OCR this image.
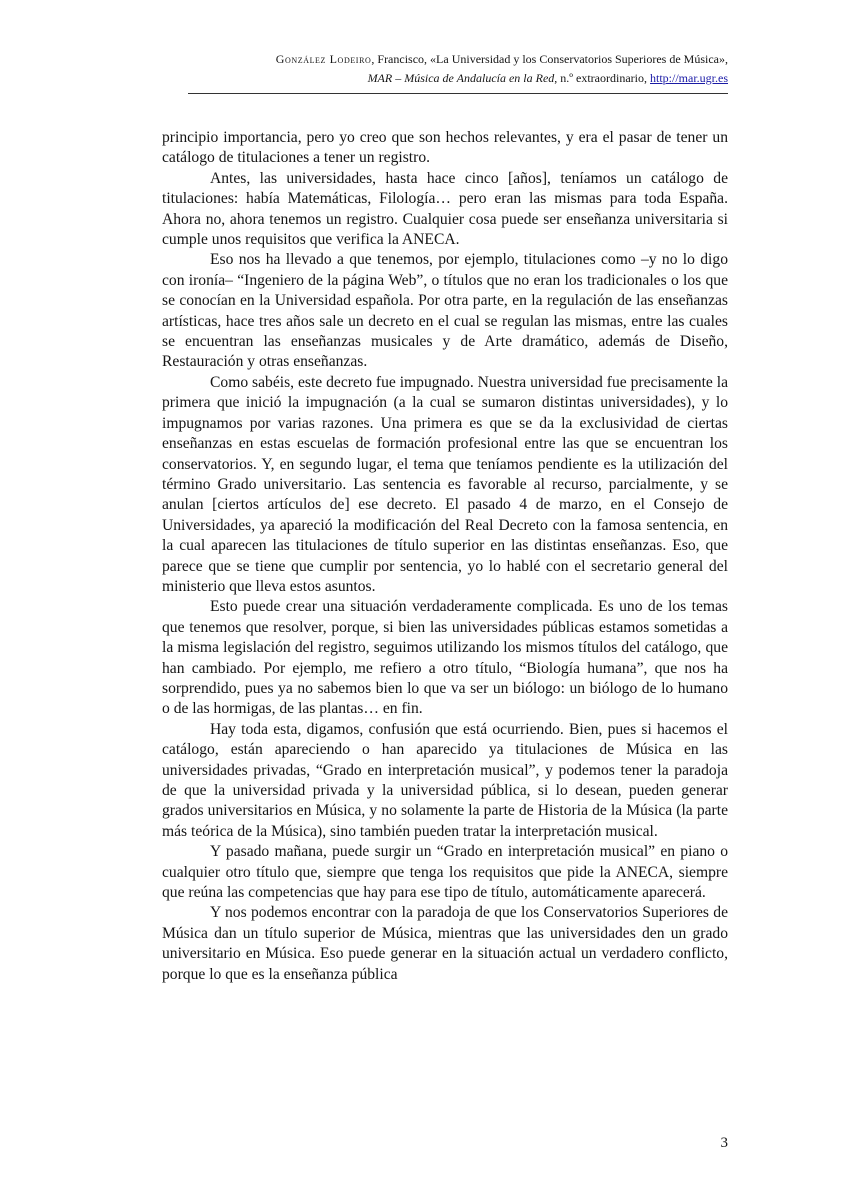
González Lodeiro, Francisco, «La Universidad y los Conservatorios Superiores de Música»,
MAR – Música de Andalucía en la Red, n.º extraordinario, http://mar.ugr.es

principio importancia, pero yo creo que son hechos relevantes, y era el pasar de tener un catálogo de titulaciones a tener un registro.

Antes, las universidades, hasta hace cinco [años], teníamos un catálogo de titulaciones: había Matemáticas, Filología… pero eran las mismas para toda España. Ahora no, ahora tenemos un registro. Cualquier cosa puede ser enseñanza universitaria si cumple unos requisitos que verifica la ANECA.

Eso nos ha llevado a que tenemos, por ejemplo, titulaciones como –y no lo digo con ironía– “Ingeniero de la página Web”, o títulos que no eran los tradicionales o los que se conocían en la Universidad española. Por otra parte, en la regulación de las enseñanzas artísticas, hace tres años sale un decreto en el cual se regulan las mismas, entre las cuales se encuentran las enseñanzas musicales y de Arte dramático, además de Diseño, Restauración y otras enseñanzas.

Como sabéis, este decreto fue impugnado. Nuestra universidad fue precisamente la primera que inició la impugnación (a la cual se sumaron distintas universidades), y lo impugnamos por varias razones. Una primera es que se da la exclusividad de ciertas enseñanzas en estas escuelas de formación profesional entre las que se encuentran los conservatorios. Y, en segundo lugar, el tema que teníamos pendiente es la utilización del término Grado universitario. Las sentencia es favorable al recurso, parcialmente, y se anulan [ciertos artículos de] ese decreto. El pasado 4 de marzo, en el Consejo de Universidades, ya apareció la modificación del Real Decreto con la famosa sentencia, en la cual aparecen las titulaciones de título superior en las distintas enseñanzas. Eso, que parece que se tiene que cumplir por sentencia, yo lo hablé con el secretario general del ministerio que lleva estos asuntos.

Esto puede crear una situación verdaderamente complicada. Es uno de los temas que tenemos que resolver, porque, si bien las universidades públicas estamos sometidas a la misma legislación del registro, seguimos utilizando los mismos títulos del catálogo, que han cambiado. Por ejemplo, me refiero a otro título, “Biología humana”, que nos ha sorprendido, pues ya no sabemos bien lo que va ser un biólogo: un biólogo de lo humano o de las hormigas, de las plantas… en fin.

Hay toda esta, digamos, confusión que está ocurriendo. Bien, pues si hacemos el catálogo, están apareciendo o han aparecido ya titulaciones de Música en las universidades privadas, “Grado en interpretación musical”, y podemos tener la paradoja de que la universidad privada y la universidad pública, si lo desean, pueden generar grados universitarios en Música, y no solamente la parte de Historia de la Música (la parte más teórica de la Música), sino también pueden tratar la interpretación musical.

Y pasado mañana, puede surgir un “Grado en interpretación musical” en piano o cualquier otro título que, siempre que tenga los requisitos que pide la ANECA, siempre que reúna las competencias que hay para ese tipo de título, automáticamente aparecerá.

Y nos podemos encontrar con la paradoja de que los Conservatorios Superiores de Música dan un título superior de Música, mientras que las universidades den un grado universitario en Música. Eso puede generar en la situación actual un verdadero conflicto, porque lo que es la enseñanza pública

3
